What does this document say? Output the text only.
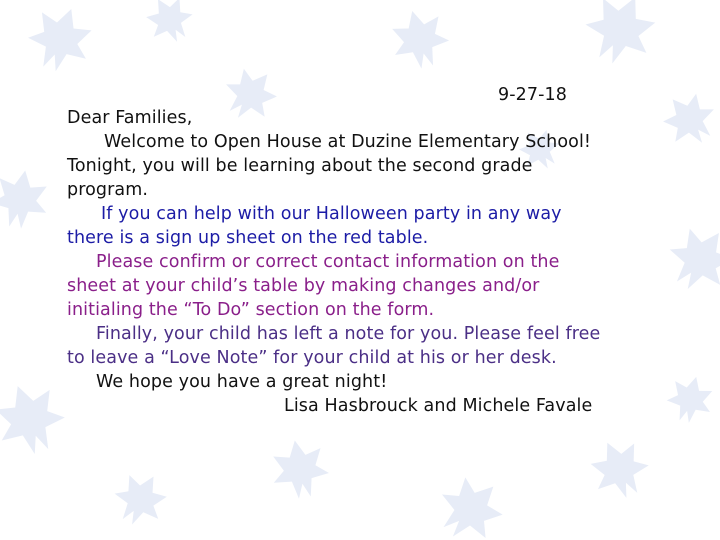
9-27-18
Dear Families,
Welcome to Open House at Duzine Elementary School!
Tonight, you will be learning about the second grade
program.
If you can help with our Halloween party in any way
there is a sign up sheet on the red table.
Please confirm or correct contact information on the
sheet at your child’s table by making changes and/or
initialing the “To Do” section on the form.
Finally, your child has left a note for you. Please feel free
to leave a “Love Note” for your child at his or her desk.
We hope you have a great night!
Lisa Hasbrouck and Michele Favale
